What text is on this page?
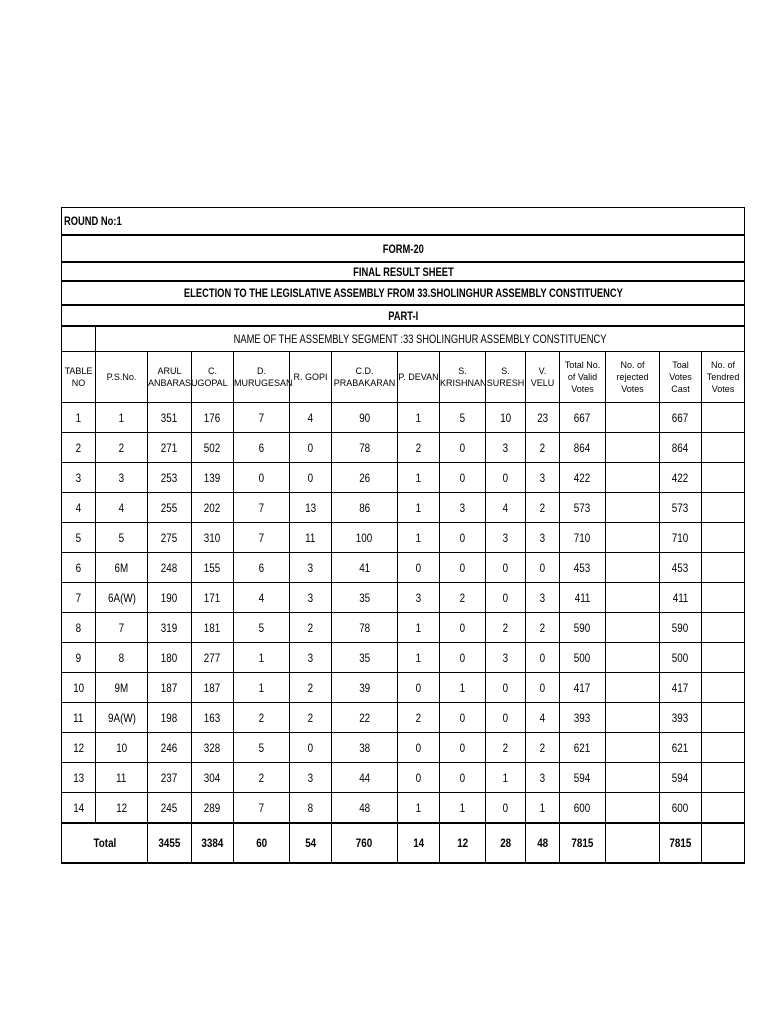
ROUND No:1														
FORM-20														
FINAL RESULT SHEET														
ELECTION TO THE LEGISLATIVE ASSEMBLY FROM 33.SHOLINGHUR ASSEMBLY CONSTITUENCY														
PART-I														
	NAME OF THE ASSEMBLY SEGMENT :33 SHOLINGHUR ASSEMBLY CONSTITUENCY													
TABLE NO	P.S.No.	ARUL ANBARASU	C. GOPAL	D. MURUGESAN	R. GOPI	C.D. PRABAKARAN	P. DEVAN	S. KRISHNAN	S. SURESH	V. VELU	Total No. of Valid Votes	No. of rejected Votes	Toal Votes Cast	No. of Tendred Votes
1	1	351	176	7	4	90	1	5	10	23	667		667	
2	2	271	502	6	0	78	2	0	3	2	864		864	
3	3	253	139	0	0	26	1	0	0	3	422		422	
4	4	255	202	7	13	86	1	3	4	2	573		573	
5	5	275	310	7	11	100	1	0	3	3	710		710	
6	6M	248	155	6	3	41	0	0	0	0	453		453	
7	6A(W)	190	171	4	3	35	3	2	0	3	411		411	
8	7	319	181	5	2	78	1	0	2	2	590		590	
9	8	180	277	1	3	35	1	0	3	0	500		500	
10	9M	187	187	1	2	39	0	1	0	0	417		417	
11	9A(W)	198	163	2	2	22	2	0	0	4	393		393	
12	10	246	328	5	0	38	0	0	2	2	621		621	
13	11	237	304	2	3	44	0	0	1	3	594		594	
14	12	245	289	7	8	48	1	1	0	1	600		600	
Total		3455	3384	60	54	760	14	12	28	48	7815		7815	
